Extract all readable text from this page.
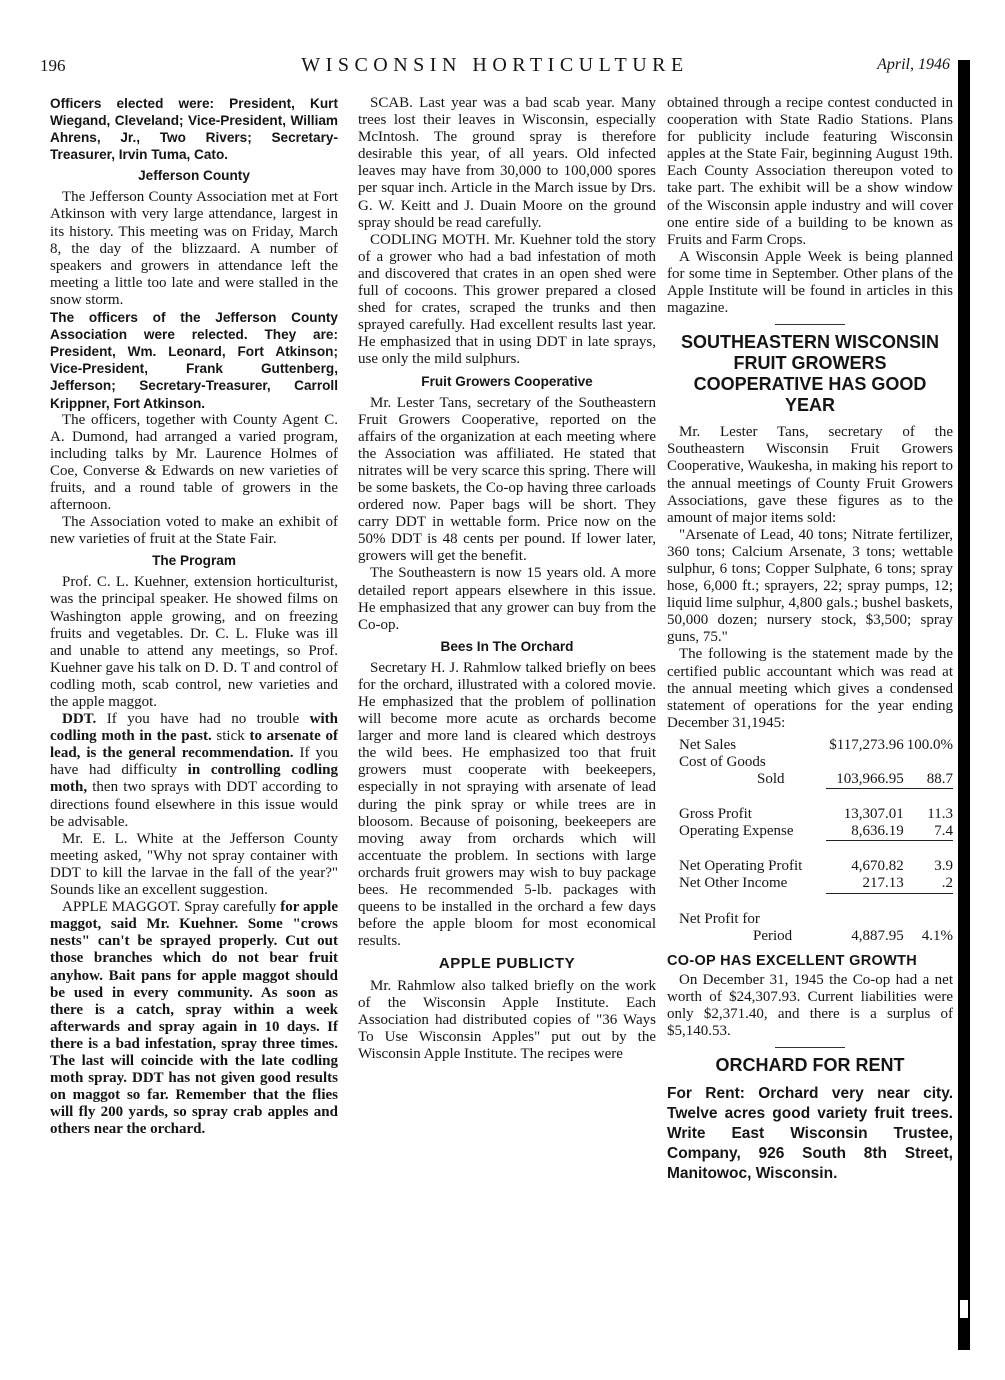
196	WISCONSIN HORTICULTURE	April, 1946

Officers elected were: President, Kurt Wiegand, Cleveland; Vice-President, William Ahrens, Jr., Two Rivers; Secretary-Treasurer, Irvin Tuma, Cato.

Jefferson County

The Jefferson County Association met at Fort Atkinson with very large attendance, largest in its history. This meeting was on Friday, March 8, the day of the blizzaard. A number of speakers and growers in attendance left the meeting a little too late and were stalled in the snow storm.

The officers of the Jefferson County Association were relected. They are: President, Wm. Leonard, Fort Atkinson; Vice-President, Frank Guttenberg, Jefferson; Secretary-Treasurer, Carroll Krippner, Fort Atkinson.

The officers, together with County Agent C. A. Dumond, had arranged a varied program, including talks by Mr. Laurence Holmes of Coe, Converse & Edwards on new varieties of fruits, and a round table of growers in the afternoon.

The Association voted to make an exhibit of new varieties of fruit at the State Fair.

The Program

Prof. C. L. Kuehner, extension horticulturist, was the principal speaker. He showed films on Washington apple growing, and on freezing fruits and vegetables. Dr. C. L. Fluke was ill and unable to attend any meetings, so Prof. Kuehner gave his talk on D. D. T and control of codling moth, scab control, new varieties and the apple maggot.

DDT. If you have had no trouble with codling moth in the past. stick to arsenate of lead, is the general recommendation. If you have had difficulty in controlling codling moth, then two sprays with DDT according to directions found elsewhere in this issue would be advisable.

Mr. E. L. White at the Jefferson County meeting asked, "Why not spray container with DDT to kill the larvae in the fall of the year?" Sounds like an excellent suggestion.

APPLE MAGGOT. Spray carefully for apple maggot, said Mr. Kuehner. Some "crows nests" can't be sprayed properly. Cut out those branches which do not bear fruit anyhow. Bait pans for apple maggot should be used in every community. As soon as there is a catch, spray within a week afterwards and spray again in 10 days. If there is a bad infestation, spray three times. The last will coincide with the late codling moth spray. DDT has not given good results on maggot so far. Remember that the flies will fly 200 yards, so spray crab apples and others near the orchard.

SCAB. Last year was a bad scab year. Many trees lost their leaves in Wisconsin, especially McIntosh. The ground spray is therefore desirable this year, of all years. Old infected leaves may have from 30,000 to 100,000 spores per squar inch. Article in the March issue by Drs. G. W. Keitt and J. Duain Moore on the ground spray should be read carefully.

CODLING MOTH. Mr. Kuehner told the story of a grower who had a bad infestation of moth and discovered that crates in an open shed were full of cocoons. This grower prepared a closed shed for crates, scraped the trunks and then sprayed carefully. Had excellent results last year. He emphasized that in using DDT in late sprays, use only the mild sulphurs.

Fruit Growers Cooperative

Mr. Lester Tans, secretary of the Southeastern Fruit Growers Cooperative, reported on the affairs of the organization at each meeting where the Association was affiliated. He stated that nitrates will be very scarce this spring. There will be some baskets, the Co-op having three carloads ordered now. Paper bags will be short. They carry DDT in wettable form. Price now on the 50% DDT is 48 cents per pound. If lower later, growers will get the benefit.

The Southeastern is now 15 years old. A more detailed report appears elsewhere in this issue. He emphasized that any grower can buy from the Co-op.

Bees In The Orchard

Secretary H. J. Rahmlow talked briefly on bees for the orchard, illustrated with a colored movie. He emphasized that the problem of pollination will become more acute as orchards become larger and more land is cleared which destroys the wild bees. He emphasized too that fruit growers must cooperate with beekeepers, especially in not spraying with arsenate of lead during the pink spray or while trees are in bloosom. Because of poisoning, beekeepers are moving away from orchards which will accentuate the problem. In sections with large orchards fruit growers may wish to buy package bees. He recommended 5-lb. packages with queens to be installed in the orchard a few days before the apple bloom for most economical results.

APPLE PUBLICTY

Mr. Rahmlow also talked briefly on the work of the Wisconsin Apple Institute. Each Association had distributed copies of "36 Ways To Use Wisconsin Apples" put out by the Wisconsin Apple Institute. The recipes were

obtained through a recipe contest conducted in cooperation with State Radio Stations. Plans for publicity include featuring Wisconsin apples at the State Fair, beginning August 19th. Each County Association thereupon voted to take part. The exhibit will be a show window of the Wisconsin apple industry and will cover one entire side of a building to be known as Fruits and Farm Crops.

A Wisconsin Apple Week is being planned for some time in September. Other plans of the Apple Institute will be found in articles in this magazine.

SOUTHEASTERN WISCONSIN FRUIT GROWERS COOPERATIVE HAS GOOD YEAR

Mr. Lester Tans, secretary of the Southeastern Wisconsin Fruit Growers Cooperative, Waukesha, in making his report to the annual meetings of County Fruit Growers Associations, gave these figures as to the amount of major items sold:

"Arsenate of Lead, 40 tons; Nitrate fertilizer, 360 tons; Calcium Arsenate, 3 tons; wettable sulphur, 6 tons; Copper Sulphate, 6 tons; spray hose, 6,000 ft.; sprayers, 22; spray pumps, 12; liquid lime sulphur, 4,800 gals.; bushel baskets, 50,000 dozen; nursery stock, $3,500; spray guns, 75."

The following is the statement made by the certified public accountant which was read at the annual meeting which gives a condensed statement of operations for the year ending December 31,1945:

Net Sales	$117,273.96	100.0%
Cost of Goods		
Sold	103,966.95	88.7

Gross Profit	13,307.01	11.3
Operating Expense	8,636.19	7.4

Net Operating Profit	4,670.82	3.9
Net Other Income	217.13	.2

Net Profit for		
Period	4,887.95	4.1%
CO-OP HAS EXCELLENT GROWTH

On December 31, 1945 the Co-op had a net worth of $24,307.93. Current liabilities were only $2,371.40, and there is a surplus of $5,140.53.

ORCHARD FOR RENT
For Rent: Orchard very near city. Twelve acres good variety fruit trees. Write East Wisconsin Trustee, Company, 926 South 8th Street, Manitowoc, Wisconsin.
